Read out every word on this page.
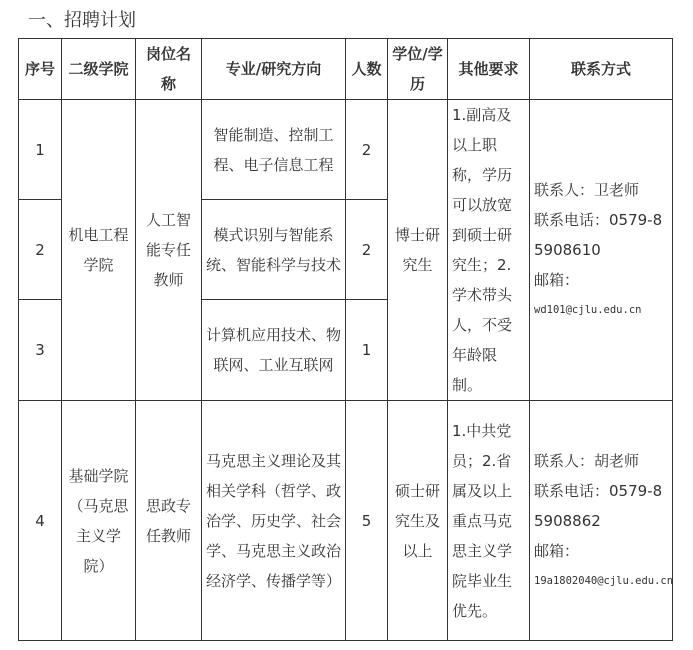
一、招聘计划
序号	二级学院	岗位名称	专业/研究方向	人数	学位/学历	其他要求	联系方式
1	机电工程学院	人工智能专任教师	智能制造、控制工程、电子信息工程	2	博士研究生	1.副高及以上职称，学历可以放宽到硕士研究生；2.学术带头人，不受年龄限制。	联系人：卫老师
联系电话：0579-85908610
邮箱：
wd101@cjlu.edu.cn

2			模式识别与智能系统、智能科学与技术	2			
3			计算机应用技术、物联网、工业互联网	1			
4	基础学院（马克思主义学院）	思政专任教师	马克思主义理论及其相关学科（哲学、政治学、历史学、社会学、马克思主义政治经济学、传播学等）	5	硕士研究生及以上	1.中共党员；2.省属及以上重点马克思主义学院毕业生优先。	联系人：胡老师
联系电话：0579-85908862
邮箱：
19a1802040@cjlu.edu.cn
